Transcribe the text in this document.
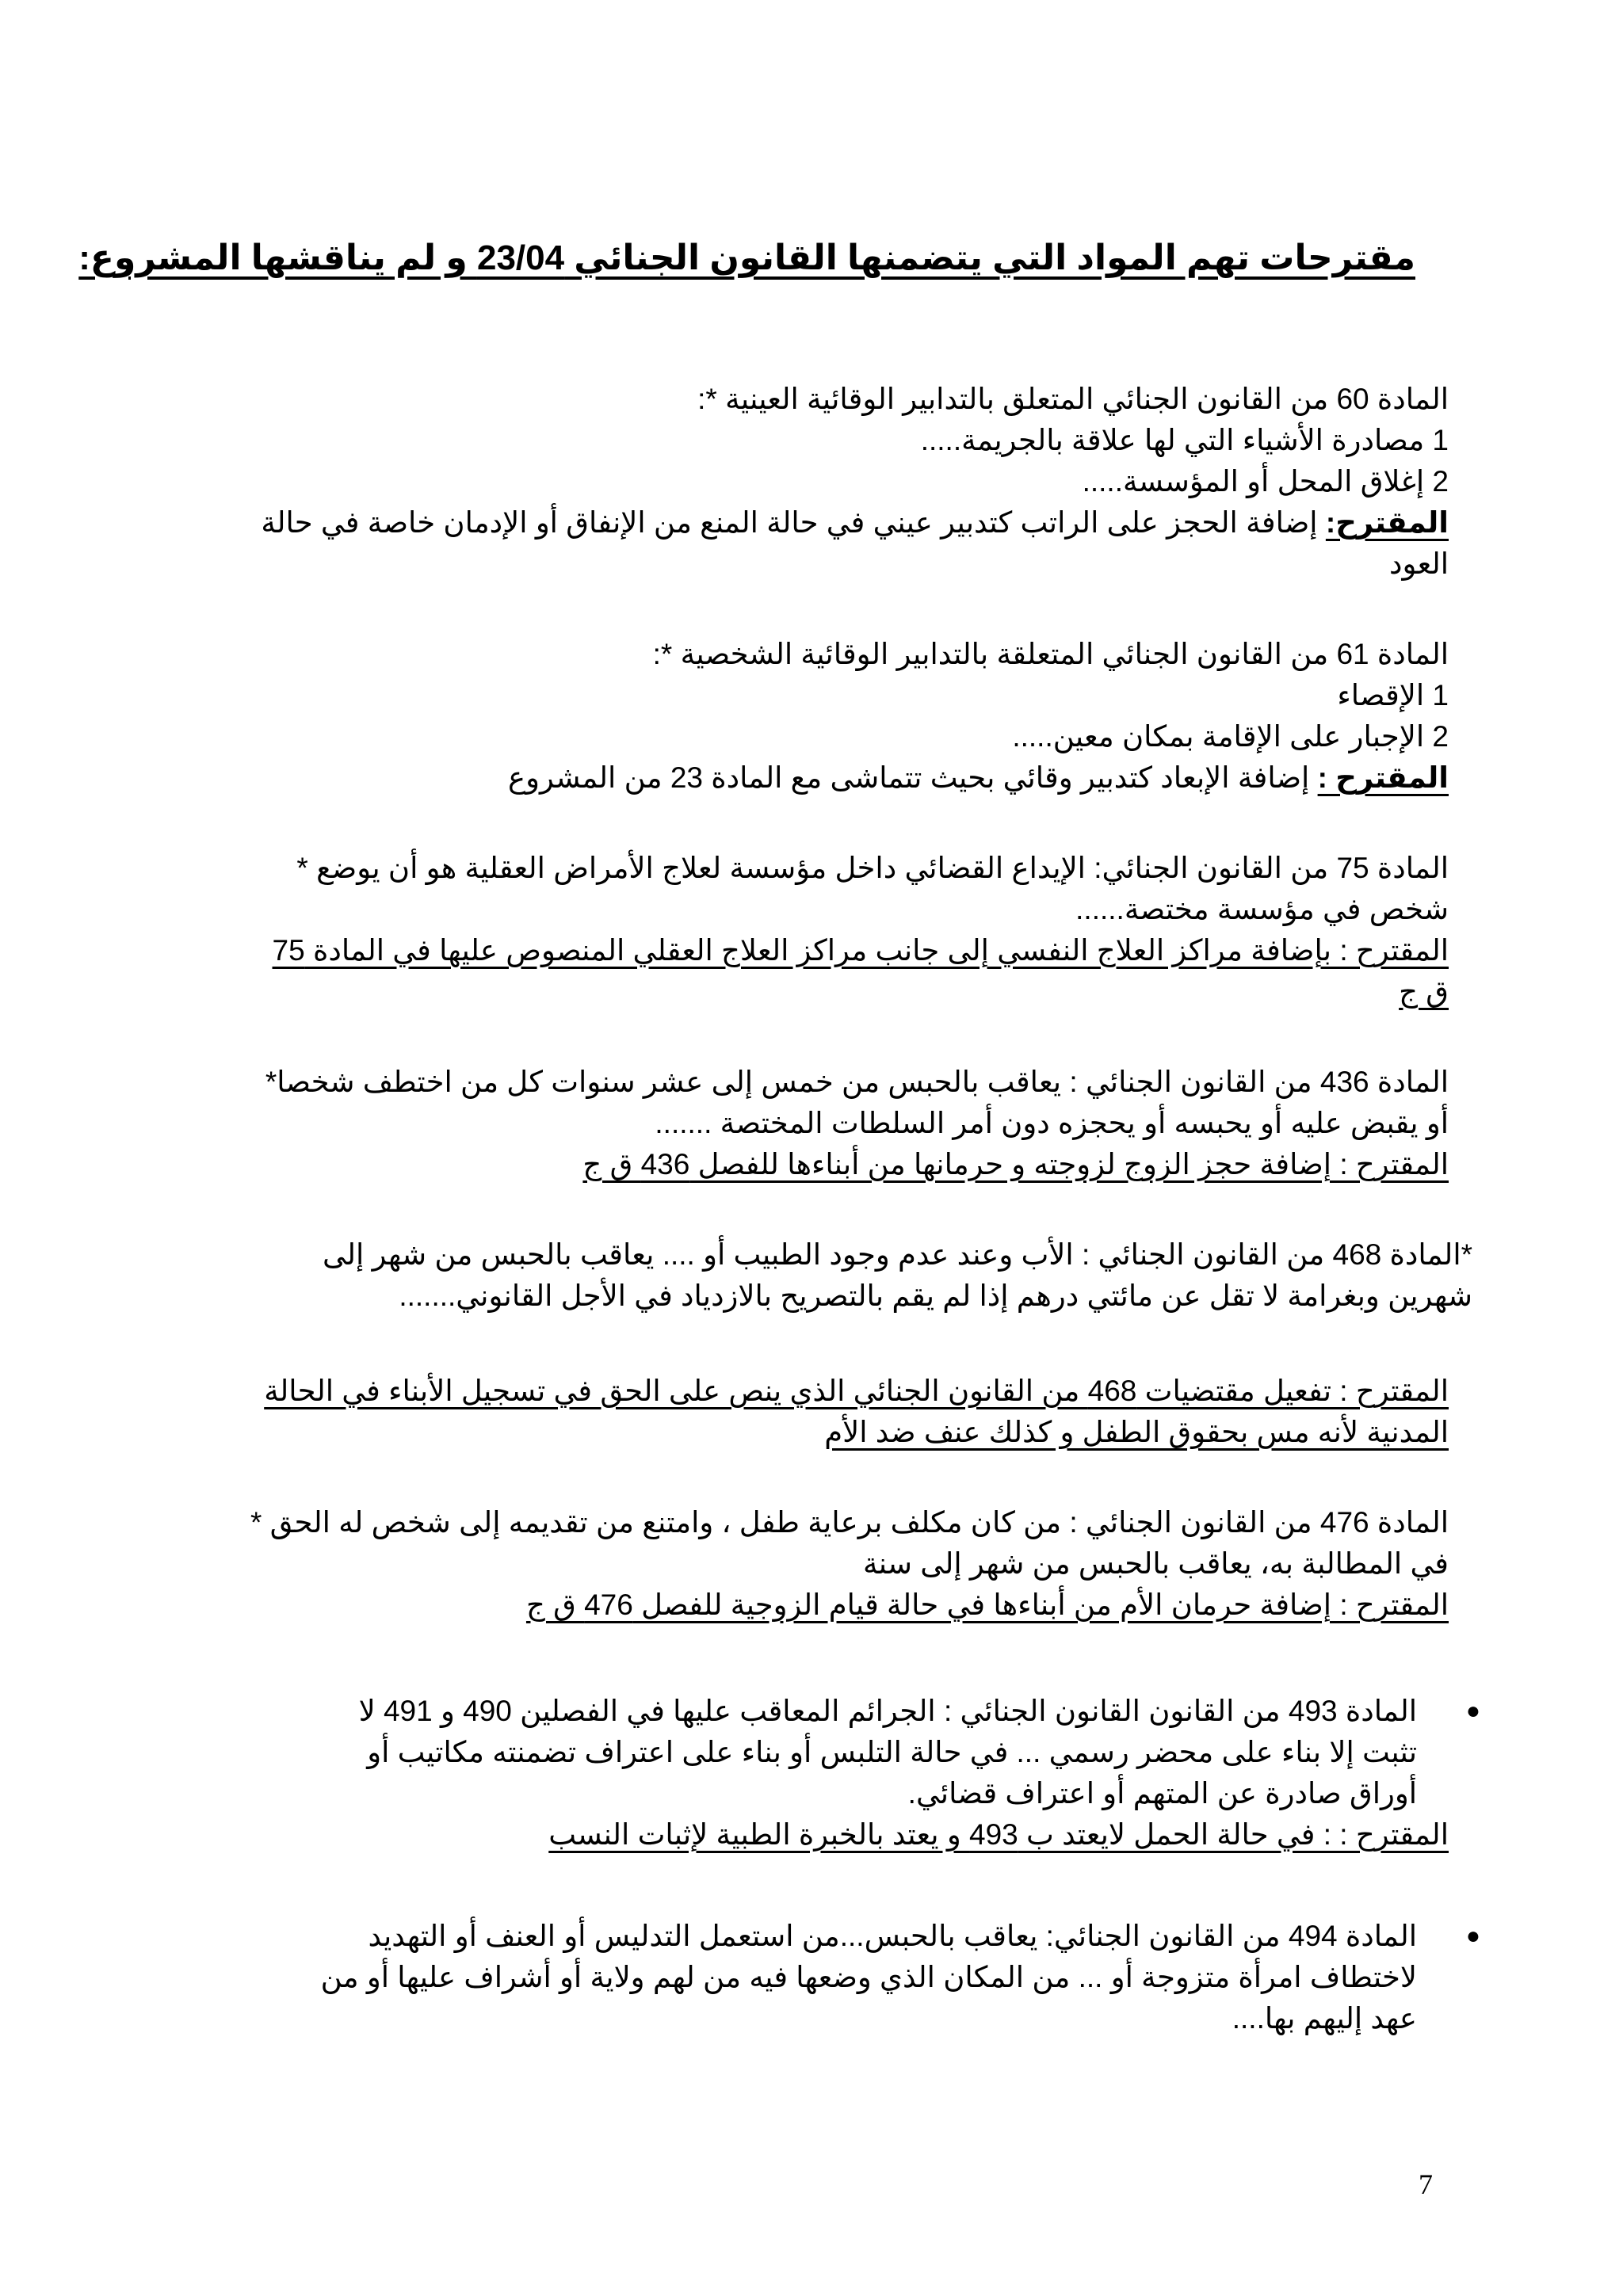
مقترحات تهم المواد التي يتضمنها القانون الجنائي 23/04 و لم يناقشها المشروع:

المادة 60 من القانون الجنائي المتعلق بالتدابير الوقائية العينية *:

1 مصادرة الأشياء التي لها علاقة بالجريمة.....

2 إغلاق المحل أو المؤسسة.....

المقترح: إضافة الحجز على الراتب كتدبير عيني في حالة المنع من الإنفاق أو الإدمان خاصة في حالة

العود

المادة 61 من القانون الجنائي المتعلقة بالتدابير الوقائية الشخصية *:

1 الإقصاء

2 الإجبار على الإقامة بمكان معين.....

المقترح : إضافة الإبعاد كتدبير وقائي بحيث تتماشى مع المادة 23 من المشروع

المادة 75 من القانون الجنائي: الإيداع القضائي داخل مؤسسة لعلاج الأمراض العقلية هو أن يوضع *

شخص في مؤسسة مختصة......

المقترح : بإضافة مراكز العلاج النفسي إلى جانب مراكز العلاج العقلي المنصوص عليها في المادة 75

ق ج

المادة 436 من القانون الجنائي : يعاقب بالحبس من خمس إلى عشر سنوات كل من اختطف شخصا*

أو يقبض عليه أو يحبسه أو يحجزه دون أمر السلطات المختصة .......

المقترح : إضافة حجز الزوج لزوجته و حرمانها من أبناءها للفصل 436 ق ج

*المادة 468 من القانون الجنائي : الأب وعند عدم وجود الطبيب أو .... يعاقب بالحبس من شهر إلى

شهرين وبغرامة لا تقل عن مائتي درهم إذا لم يقم بالتصريح بالازدياد في الأجل القانوني.......

المقترح : تفعيل مقتضيات 468 من القانون الجنائي الذي ينص على الحق في تسجيل الأبناء في الحالة

المدنية لأنه مس بحقوق الطفل و كذلك عنف ضد الأم

المادة 476 من القانون الجنائي : من كان مكلف برعاية طفل ، وامتنع من تقديمه إلى شخص له الحق *

في المطالبة به، يعاقب بالحبس من شهر إلى سنة

المقترح : إضافة حرمان الأم من أبناءها في حالة قيام الزوجية للفصل 476 ق ج

●

المادة 493 من القانون القانون الجنائي : الجرائم المعاقب عليها في الفصلين 490 و 491 لا

تثبت إلا بناء على محضر رسمي ... في حالة التلبس أو بناء على اعتراف تضمنته مكاتيب أو

أوراق صادرة عن المتهم أو اعتراف قضائي.

المقترح : : في حالة الحمل لايعتد ب 493 و يعتد بالخبرة الطبية لإثبات النسب

●

المادة 494 من القانون الجنائي: يعاقب بالحبس...من استعمل التدليس أو العنف أو التهديد

لاختطاف امرأة متزوجة أو ... من المكان الذي وضعها فيه من لهم ولاية أو أشراف عليها أو من

عهد إليهم بها....

7
